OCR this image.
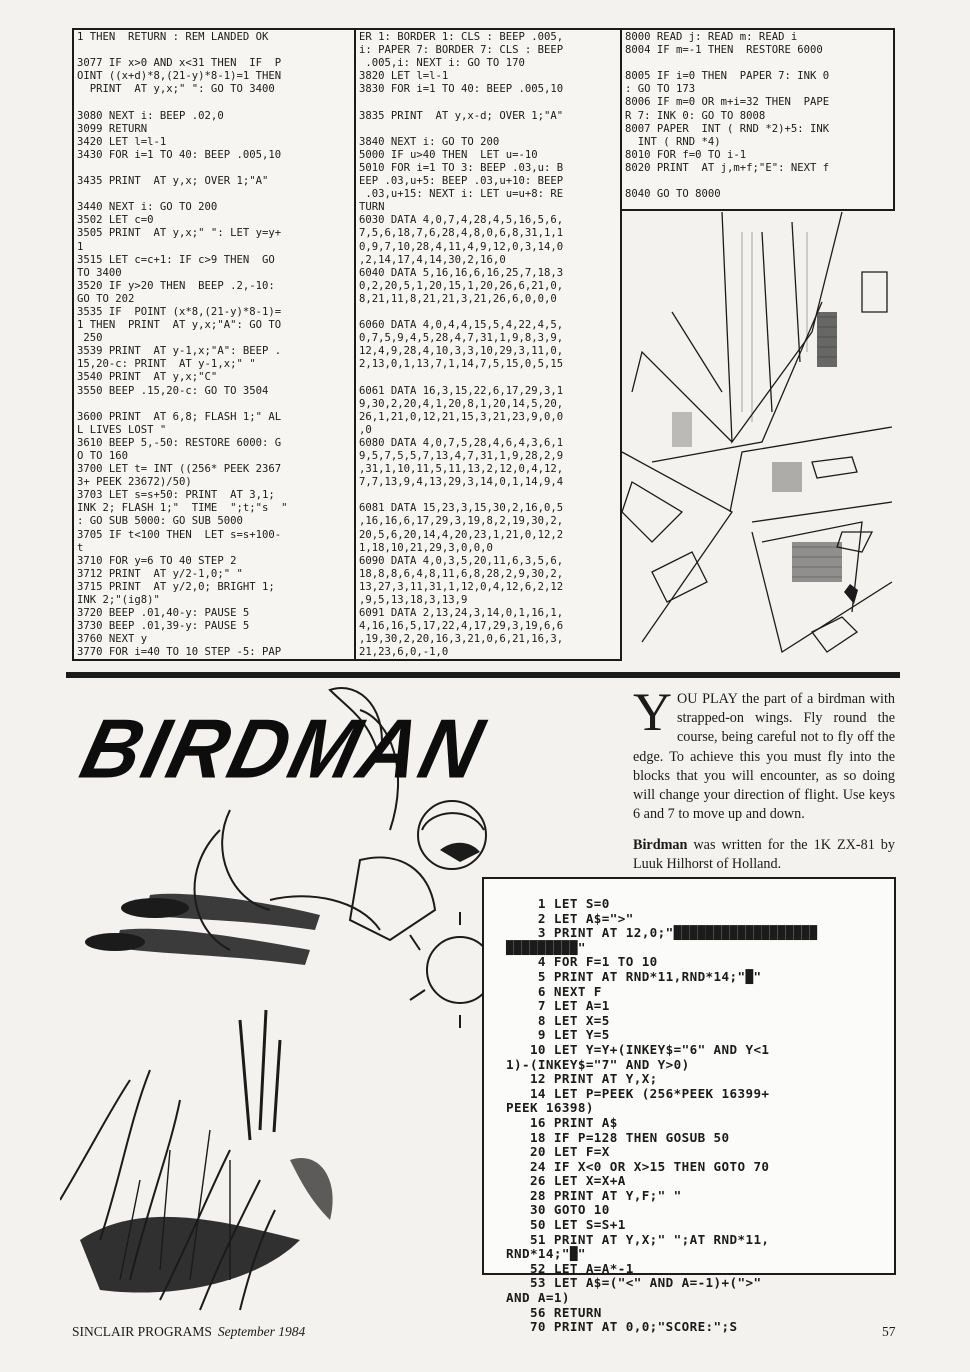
1 THEN  RETURN : REM LANDED OK

3077 IF x>0 AND x<31 THEN  IF  P
OINT ((x+d)*8,(21-y)*8-1)=1 THEN
PRINT  AT y,x;" ": GO TO 3400

3080 NEXT i: BEEP .02,0
3099 RETURN
3420 LET l=l-1
3430 FOR i=1 TO 40: BEEP .005,10

3435 PRINT  AT y,x; OVER 1;"A"

3440 NEXT i: GO TO 200
3502 LET c=0
3505 PRINT  AT y,x;" ": LET y=y+
1
3515 LET c=c+1: IF c>9 THEN  GO
TO 3400
3520 IF y>20 THEN  BEEP .2,-10:
GO TO 202
3535 IF  POINT (x*8,(21-y)*8-1)=
1 THEN  PRINT  AT y,x;"A": GO TO
250
3539 PRINT  AT y-1,x;"A": BEEP .
15,20-c: PRINT  AT y-1,x;" "
3540 PRINT  AT y,x;"C"
3550 BEEP .15,20-c: GO TO 3504

3600 PRINT  AT 6,8; FLASH 1;" AL
L LIVES LOST "
3610 BEEP 5,-50: RESTORE 6000: G
O TO 160
3700 LET t= INT ((256* PEEK 2367
3+ PEEK 23672)/50)
3703 LET s=s+50: PRINT  AT 3,1;
INK 2; FLASH 1;"  TIME  ";t;"s  "
: GO SUB 5000: GO SUB 5000
3705 IF t<100 THEN  LET s=s+100-
t
3710 FOR y=6 TO 40 STEP 2
3712 PRINT  AT y/2-1,0;" "
3715 PRINT  AT y/2,0; BRIGHT 1;
INK 2;"(ig8)"
3720 BEEP .01,40-y: PAUSE 5
3730 BEEP .01,39-y: PAUSE 5
3760 NEXT y
3770 FOR i=40 TO 10 STEP -5: PAP
ER 1: BORDER 1: CLS : BEEP .005,
i: PAPER 7: BORDER 7: CLS : BEEP
.005,i: NEXT i: GO TO 170
3820 LET l=l-1
3830 FOR i=1 TO 40: BEEP .005,10

3835 PRINT  AT y,x-d; OVER 1;"A"

3840 NEXT i: GO TO 200
5000 IF u>40 THEN  LET u=-10
5010 FOR i=1 TO 3: BEEP .03,u: B
EEP .03,u+5: BEEP .03,u+10: BEEP
.03,u+15: NEXT i: LET u=u+8: RE
TURN
6030 DATA 4,0,7,4,28,4,5,16,5,6,
7,5,6,18,7,6,28,4,8,0,6,8,31,1,1
0,9,7,10,28,4,11,4,9,12,0,3,14,0
,2,14,17,4,14,30,2,16,0
6040 DATA 5,16,16,6,16,25,7,18,3
0,2,20,5,1,20,15,1,20,26,6,21,0,
8,21,11,8,21,21,3,21,26,6,0,0,0

6060 DATA 4,0,4,4,15,5,4,22,4,5,
0,7,5,9,4,5,28,4,7,31,1,9,8,3,9,
12,4,9,28,4,10,3,3,10,29,3,11,0,
2,13,0,1,13,7,1,14,7,5,15,0,5,15

6061 DATA 16,3,15,22,6,17,29,3,1
9,30,2,20,4,1,20,8,1,20,14,5,20,
26,1,21,0,12,21,15,3,21,23,9,0,0
,0
6080 DATA 4,0,7,5,28,4,6,4,3,6,1
9,5,7,5,5,7,13,4,7,31,1,9,28,2,9
,31,1,10,11,5,11,13,2,12,0,4,12,
7,7,13,9,4,13,29,3,14,0,1,14,9,4

6081 DATA 15,23,3,15,30,2,16,0,5
,16,16,6,17,29,3,19,8,2,19,30,2,
20,5,6,20,14,4,20,23,1,21,0,12,2
1,18,10,21,29,3,0,0,0
6090 DATA 4,0,3,5,20,11,6,3,5,6,
18,8,8,6,4,8,11,6,8,28,2,9,30,2,
13,27,3,11,31,1,12,0,4,12,6,2,12
,9,5,13,18,3,13,9
6091 DATA 2,13,24,3,14,0,1,16,1,
4,16,16,5,17,22,4,17,29,3,19,6,6
,19,30,2,20,16,3,21,0,6,21,16,3,
21,23,6,0,-1,0
8000 READ j: READ m: READ i
8004 IF m=-1 THEN  RESTORE 6000

8005 IF i=0 THEN  PAPER 7: INK 0
: GO TO 173
8006 IF m=0 OR m+i=32 THEN  PAPE
R 7: INK 0: GO TO 8008
8007 PAPER  INT ( RND *2)+5: INK
INT ( RND *4)
8010 FOR f=0 TO i-1
8020 PRINT  AT j,m+f;"E": NEXT f

8040 GO TO 8000
BIRDMAN	YOU PLAY the part of a birdman with strapped-on wings. Fly round the course, being careful not to fly off the edge. To achieve this you must fly into the blocks that you will encounter, as so doing will change your direction of flight. Use keys 6 and 7 to move up and down.
Birdman was written for the 1K ZX-81 by Luuk Hilhorst of Holland.
1 LET S=0
2 LET A$=">"
3 PRINT AT 12,0;"██████████████████
█████████"
4 FOR F=1 TO 10
5 PRINT AT RND*11,RND*14;"█"
6 NEXT F
7 LET A=1
8 LET X=5
9 LET Y=5
10 LET Y=Y+(INKEY$="6" AND Y<1
1)-(INKEY$="7" AND Y>0)
12 PRINT AT Y,X;
14 LET P=PEEK (256*PEEK 16399+
PEEK 16398)
16 PRINT A$
18 IF P=128 THEN GOSUB 50
20 LET F=X
24 IF X<0 OR X>15 THEN GOTO 70
26 LET X=X+A
28 PRINT AT Y,F;" "
30 GOTO 10
50 LET S=S+1
51 PRINT AT Y,X;" ";AT RND*11,
RND*14;"█"
52 LET A=A*-1
53 LET A$=("<" AND A=-1)+(">"
AND A=1)
56 RETURN
70 PRINT AT 0,0;"SCORE:";S
SINCLAIR PROGRAMS September 1984	57
